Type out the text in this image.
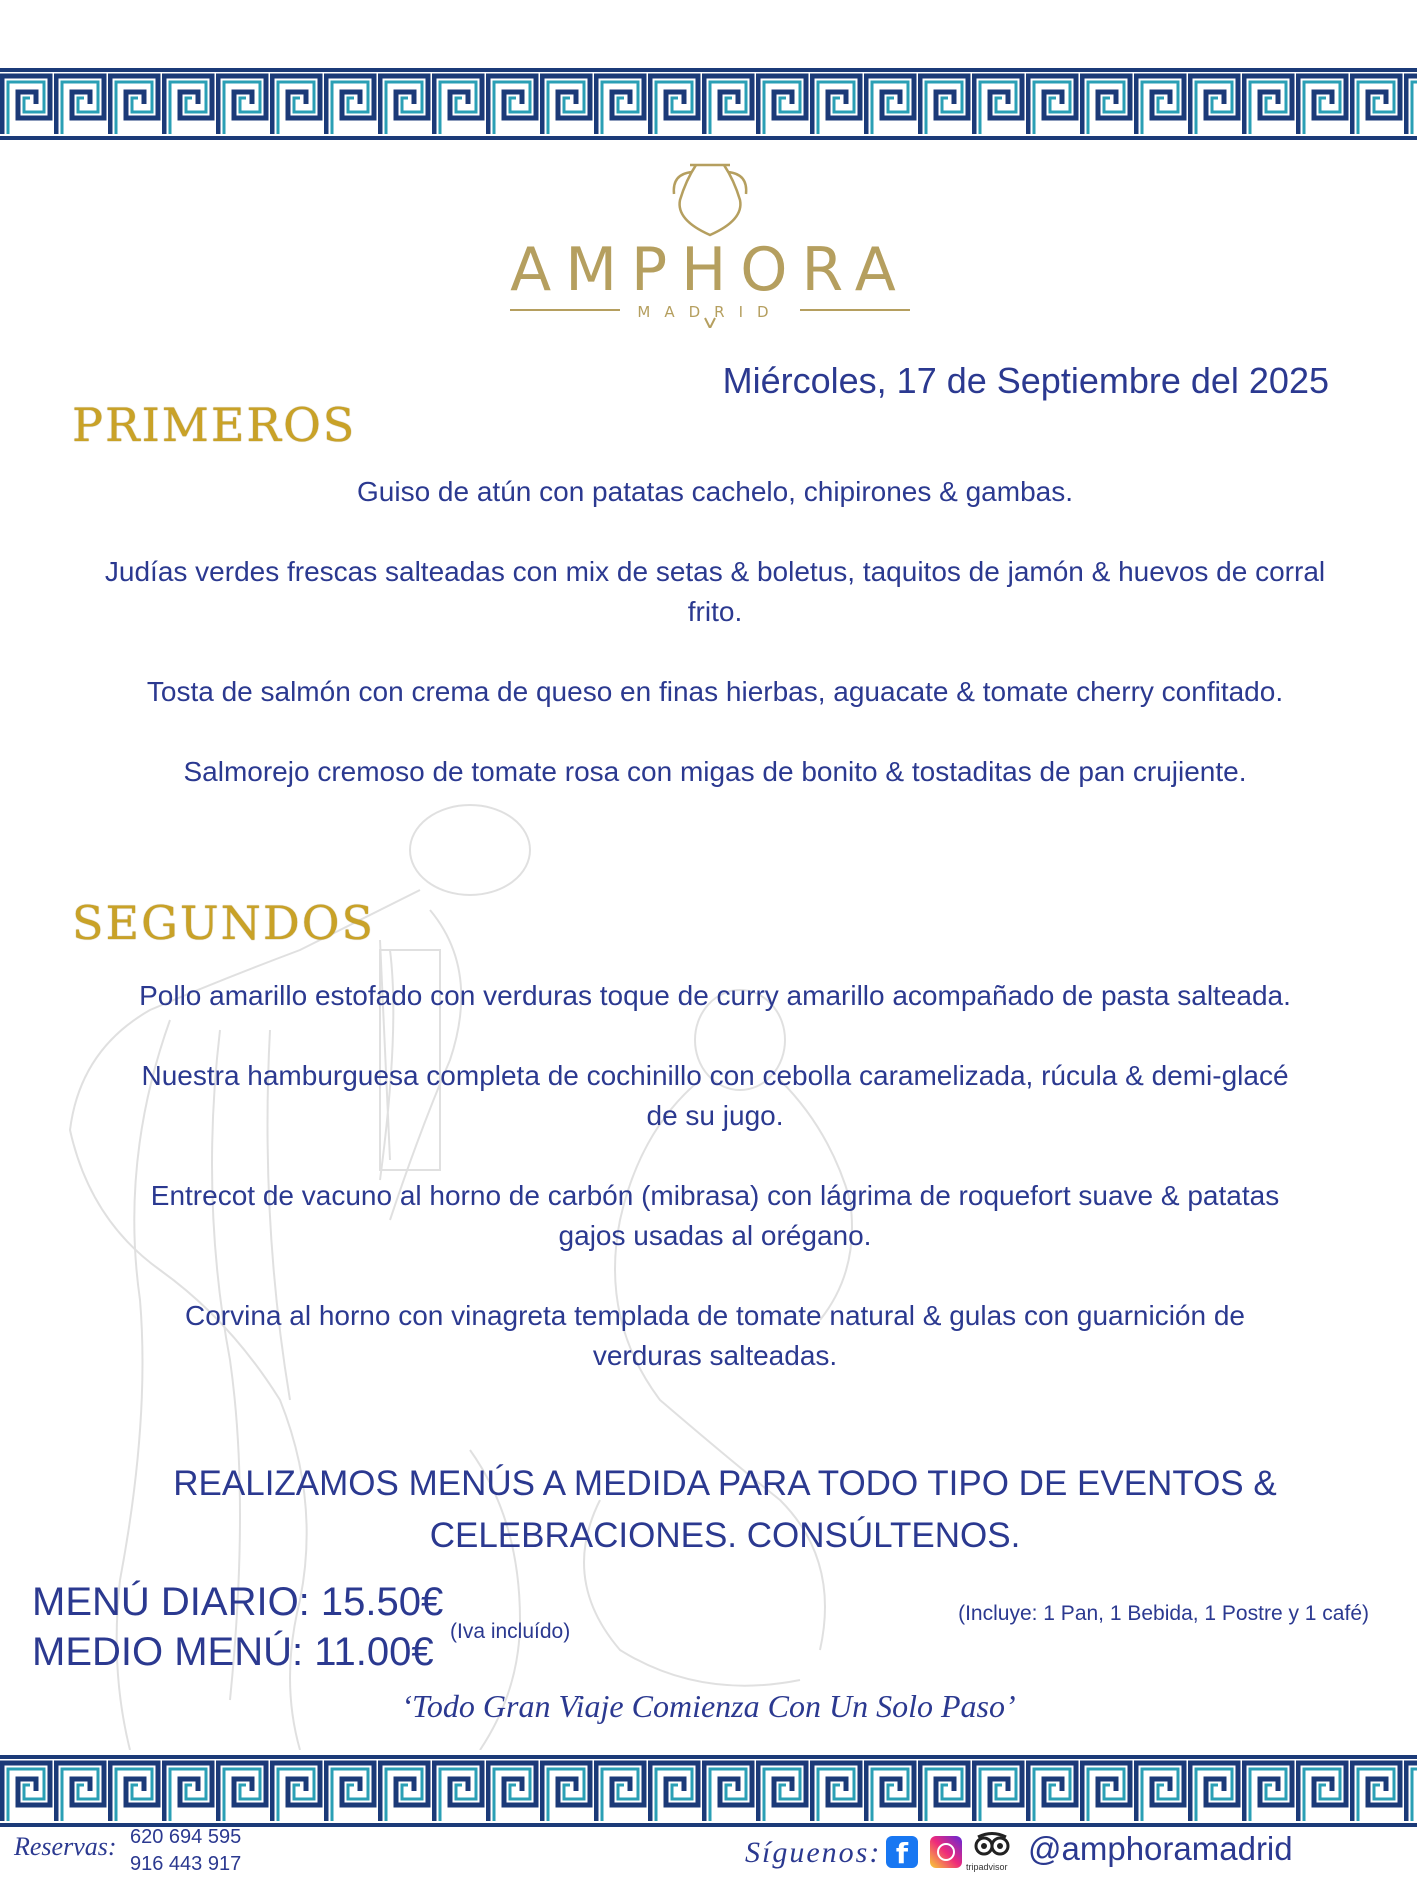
AMPHORA
MADRID
Miércoles, 17 de Septiembre del 2025
PRIMEROS
Guiso de atún con patatas cachelo, chipirones & gambas.
Judías verdes frescas salteadas con mix de setas & boletus, taquitos de jamón & huevos de corral frito.
Tosta de salmón con crema de queso en finas hierbas, aguacate & tomate cherry confitado.
Salmorejo cremoso de tomate rosa con migas de bonito & tostaditas de pan crujiente.
SEGUNDOS
Pollo amarillo estofado con verduras toque de curry amarillo acompañado de pasta salteada.
Nuestra hamburguesa completa de cochinillo con cebolla caramelizada, rúcula & demi-glacé de su jugo.
Entrecot de vacuno al horno de carbón (mibrasa) con lágrima de roquefort suave & patatas gajos usadas al orégano.
Corvina al horno con vinagreta templada de tomate natural & gulas con guarnición de verduras salteadas.
REALIZAMOS MENÚS A MEDIDA PARA TODO TIPO DE EVENTOS & CELEBRACIONES. CONSÚLTENOS.
MENÚ DIARIO: 15.50€
MEDIO MENÚ: 11.00€ (Iva incluído)
(Incluye: 1 Pan, 1 Bebida, 1 Postre y 1 café)
‘Todo Gran Viaje Comienza Con Un Solo Paso’
Reservas: 620 694 595
916 443 917	Síguenos: f	tripadvisor @amphoramadrid
